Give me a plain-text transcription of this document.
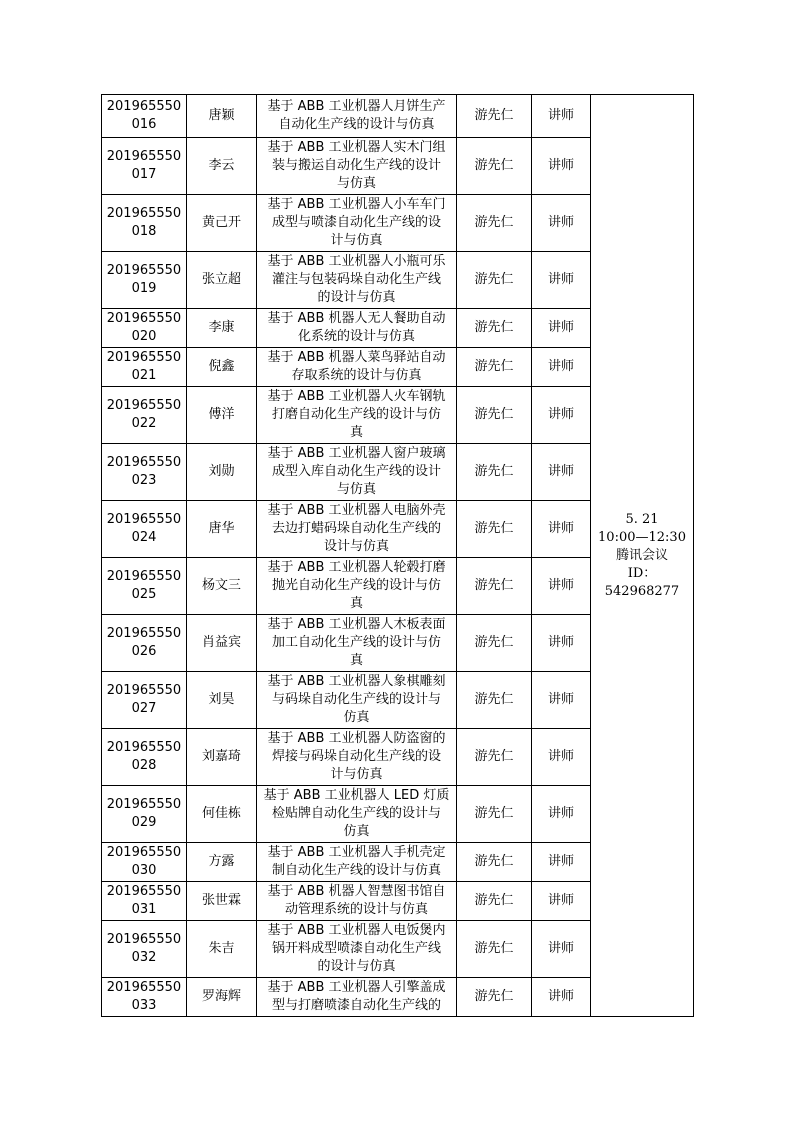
201965550
016	唐颖	基于 ABB 工业机器人月饼生产
自动化生产线的设计与仿真	游先仁	讲师	5. 21
10:00—12:30
腾讯会议
ID：542968277

201965550
017	李云	基于 ABB 工业机器人实木门组
装与搬运自动化生产线的设计
与仿真	游先仁	讲师	
201965550
018	黄己开	基于 ABB 工业机器人小车车门
成型与喷漆自动化生产线的设
计与仿真	游先仁	讲师	
201965550
019	张立超	基于 ABB 工业机器人小瓶可乐
灌注与包装码垛自动化生产线
的设计与仿真	游先仁	讲师	
201965550
020	李康	基于 ABB 机器人无人餐助自动
化系统的设计与仿真	游先仁	讲师	
201965550
021	倪鑫	基于 ABB 机器人菜鸟驿站自动
存取系统的设计与仿真	游先仁	讲师	
201965550
022	傅洋	基于 ABB 工业机器人火车钢轨
打磨自动化生产线的设计与仿
真	游先仁	讲师	
201965550
023	刘勋	基于 ABB 工业机器人窗户玻璃
成型入库自动化生产线的设计
与仿真	游先仁	讲师	
201965550
024	唐华	基于 ABB 工业机器人电脑外壳
去边打蜡码垛自动化生产线的
设计与仿真	游先仁	讲师	
201965550
025	杨文三	基于 ABB 工业机器人轮毂打磨
抛光自动化生产线的设计与仿
真	游先仁	讲师	
201965550
026	肖益宾	基于 ABB 工业机器人木板表面
加工自动化生产线的设计与仿
真	游先仁	讲师	
201965550
027	刘昊	基于 ABB 工业机器人象棋雕刻
与码垛自动化生产线的设计与
仿真	游先仁	讲师	
201965550
028	刘嘉琦	基于 ABB 工业机器人防盗窗的
焊接与码垛自动化生产线的设
计与仿真	游先仁	讲师	
201965550
029	何佳栋	基于 ABB 工业机器人 LED 灯质
检贴牌自动化生产线的设计与
仿真	游先仁	讲师	
201965550
030	方露	基于 ABB 工业机器人手机壳定
制自动化生产线的设计与仿真	游先仁	讲师	
201965550
031	张世霖	基于 ABB 机器人智慧图书馆自
动管理系统的设计与仿真	游先仁	讲师	
201965550
032	朱吉	基于 ABB 工业机器人电饭煲内
锅开料成型喷漆自动化生产线
的设计与仿真	游先仁	讲师	
201965550
033	罗海辉	基于 ABB 工业机器人引擎盖成
型与打磨喷漆自动化生产线的	游先仁	讲师	
